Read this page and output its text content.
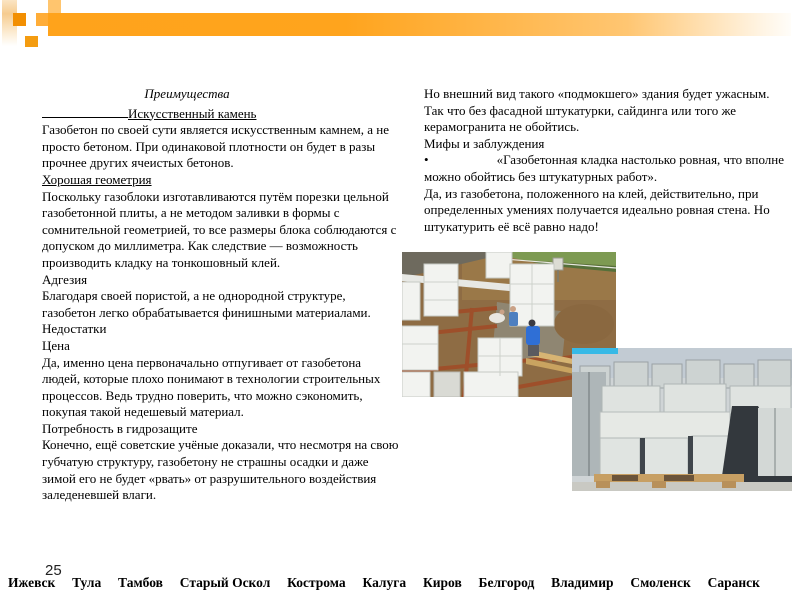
Преимущества

Искусственный камень

Газобетон по своей сути является искусственным камнем, а не просто бетоном. При одинаковой плотности он будет в разы прочнее других ячеистых бетонов.

Хорошая геометрия

Поскольку газоблоки изготавливаются путём порезки цельной газобетонной плиты, а не методом заливки в формы с сомнительной геометрией, то все размеры блока соблюдаются с допуском до миллиметра. Как следствие — возможность производить кладку на тонкошовный клей.

Адгезия

Благодаря своей пористой, а не однородной структуре, газобетон легко обрабатывается финишными материалами.

Недостатки

Цена

Да, именно цена первоначально отпугивает от газобетона людей, которые плохо понимают в технологии строительных процессов. Ведь трудно поверить, что можно сэкономить, покупая такой недешевый материал.

Потребность в гидрозащите

Конечно, ещё советские учёные доказали, что несмотря на свою губчатую структуру, газобетону не страшны осадки и даже зимой его не будет «рвать» от разрушительного воздействия заледеневшей влаги.

Но внешний вид такого «подмокшего» здания будет ужасным. Так что без фасадной штукатурки, сайдинга или того же керамогранита не обойтись.

Мифы и заблуждения

•	«Газобетонная кладка настолько ровная, что вполне можно обойтись без штукатурных работ».

Да, из газобетона, положенного на клей, действительно, при определенных умениях получается идеально ровная стена. Но штукатурить её всё равно надо!

25
Ижевск Тула Тамбов Старый Оскол Кострома Калуга Киров Белгород Владимир Смоленск Саранск
